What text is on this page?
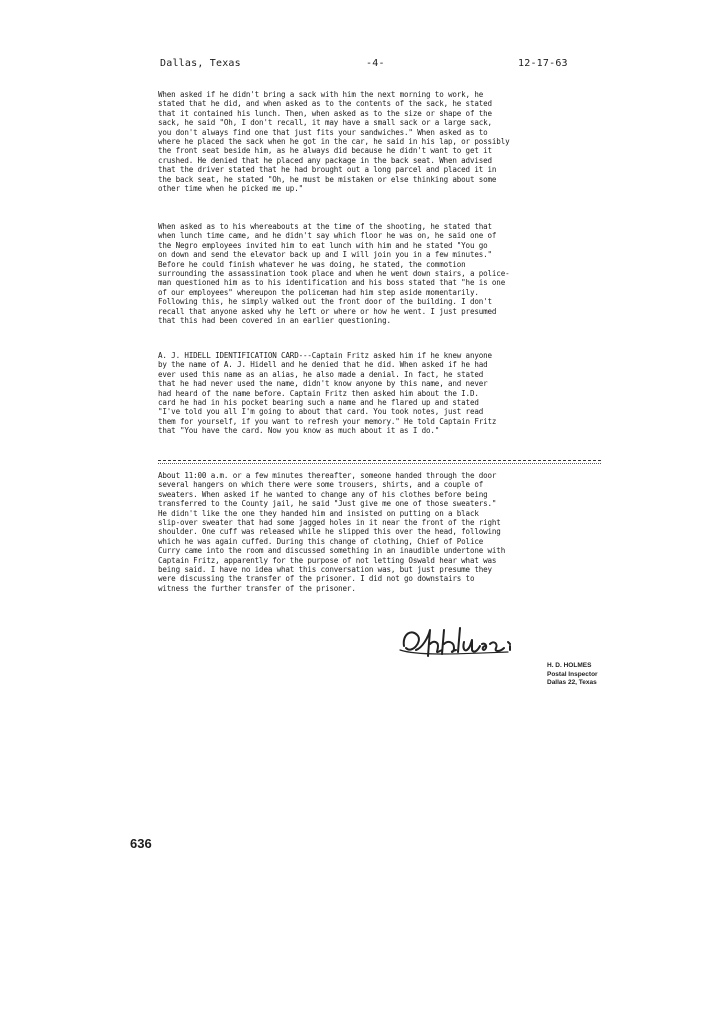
Dallas, Texas	-4-	12-17-63
When asked if he didn't bring a sack with him the next morning to work, he
stated that he did, and when asked as to the contents of the sack, he stated
that it contained his lunch. Then, when asked as to the size or shape of the
sack, he said "Oh, I don't recall, it may have a small sack or a large sack,
you don't always find one that just fits your sandwiches." When asked as to
where he placed the sack when he got in the car, he said in his lap, or possibly
the front seat beside him, as he always did because he didn't want to get it
crushed. He denied that he placed any package in the back seat. When advised
that the driver stated that he had brought out a long parcel and placed it in
the back seat, he stated "Oh, he must be mistaken or else thinking about some
other time when he picked me up."
When asked as to his whereabouts at the time of the shooting, he stated that
when lunch time came, and he didn't say which floor he was on, he said one of
the Negro employees invited him to eat lunch with him and he stated "You go
on down and send the elevator back up and I will join you in a few minutes."
Before he could finish whatever he was doing, he stated, the commotion
surrounding the assassination took place and when he went down stairs, a police-
man questioned him as to his identification and his boss stated that "he is one
of our employees" whereupon the policeman had him step aside momentarily.
Following this, he simply walked out the front door of the building. I don't
recall that anyone asked why he left or where or how he went. I just presumed
that this had been covered in an earlier questioning.
A. J. HIDELL IDENTIFICATION CARD---Captain Fritz asked him if he knew anyone
by the name of A. J. Hidell and he denied that he did. When asked if he had
ever used this name as an alias, he also made a denial. In fact, he stated
that he had never used the name, didn't know anyone by this name, and never
had heard of the name before. Captain Fritz then asked him about the I.D.
card he had in his pocket bearing such a name and he flared up and stated
"I've told you all I'm going to about that card. You took notes, just read
them for yourself, if you want to refresh your memory." He told Captain Fritz
that "You have the card. Now you know as much about it as I do."
About 11:00 a.m. or a few minutes thereafter, someone handed through the door
several hangers on which there were some trousers, shirts, and a couple of
sweaters. When asked if he wanted to change any of his clothes before being
transferred to the County jail, he said "Just give me one of those sweaters."
He didn't like the one they handed him and insisted on putting on a black
slip-over sweater that had some jagged holes in it near the front of the right
shoulder. One cuff was released while he slipped this over the head, following
which he was again cuffed. During this change of clothing, Chief of Police
Curry came into the room and discussed something in an inaudible undertone with
Captain Fritz, apparently for the purpose of not letting Oswald hear what was
being said. I have no idea what this conversation was, but just presume they
were discussing the transfer of the prisoner. I did not go downstairs to
witness the further transfer of the prisoner.
H. D. HOLMES
Postal Inspector
Dallas 22, Texas
636
